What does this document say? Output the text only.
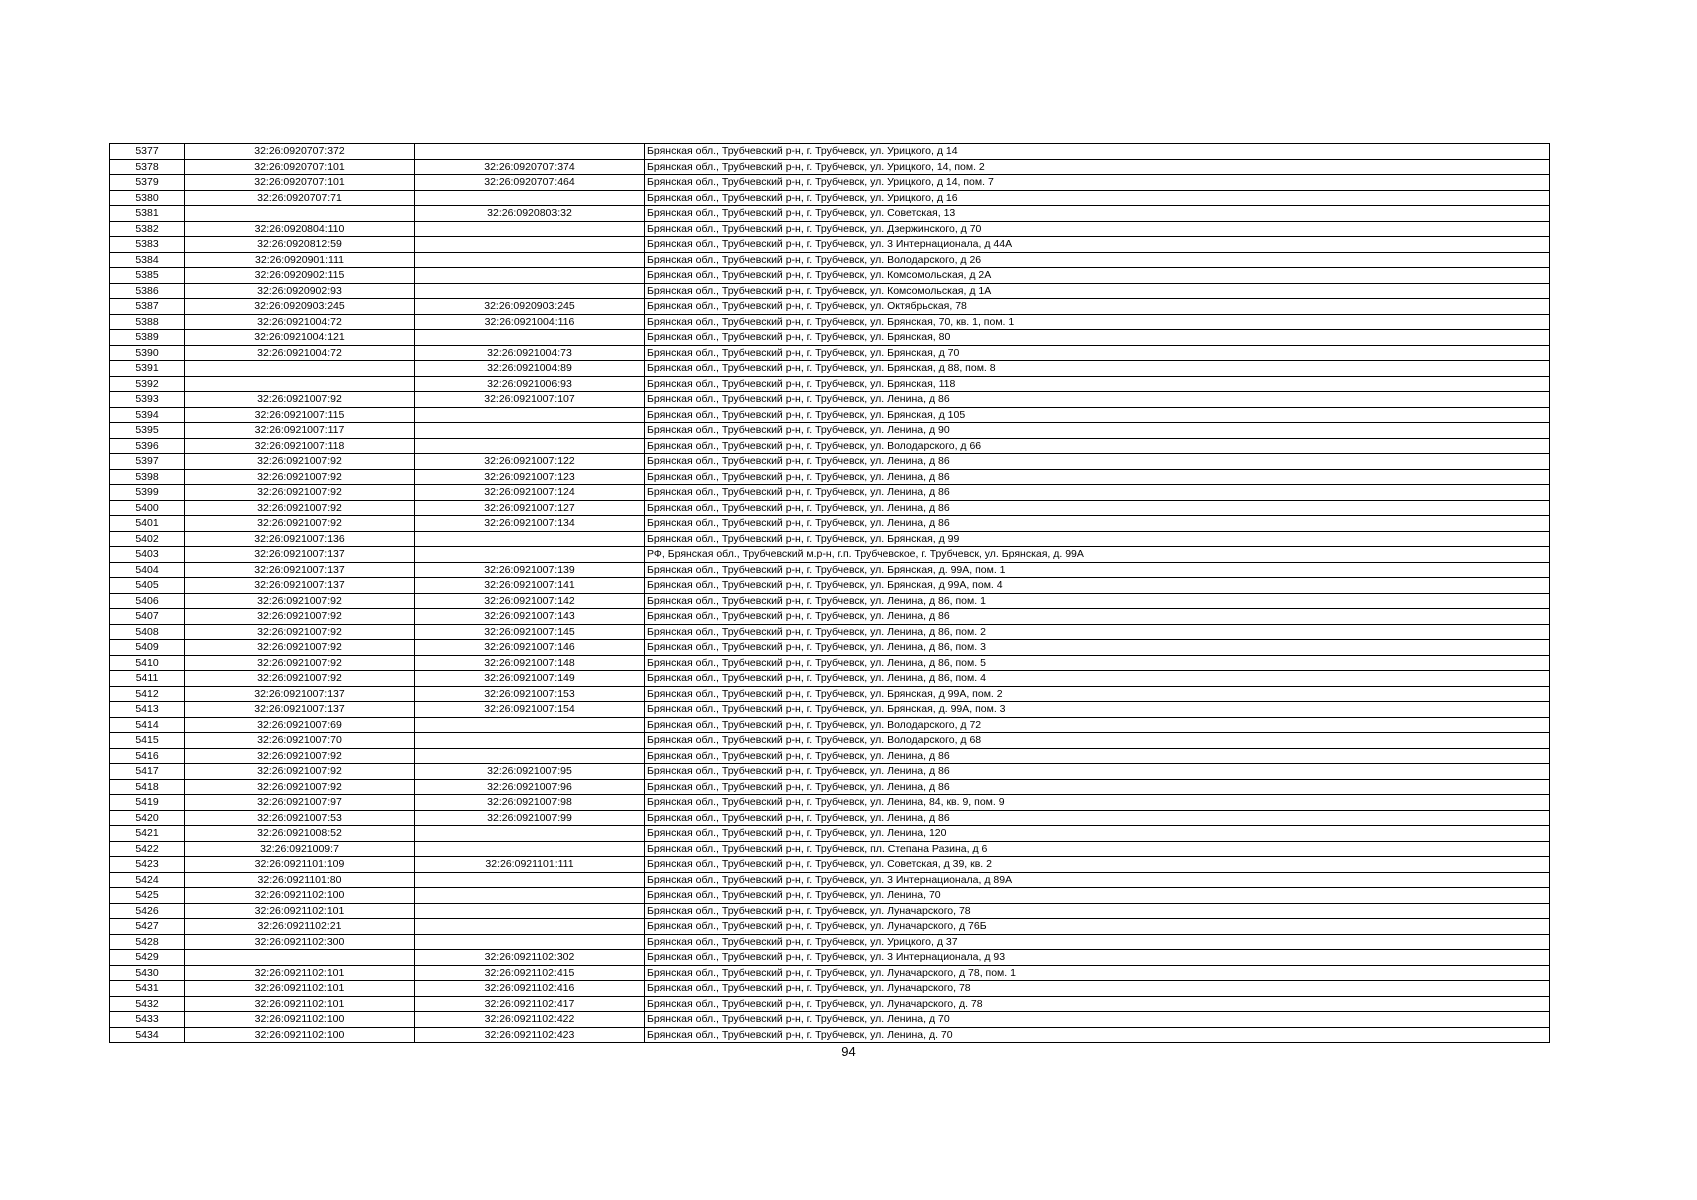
5377	32:26:0920707:372		Брянская обл., Трубчевский р-н, г. Трубчевск, ул. Урицкого, д 14
5378	32:26:0920707:101	32:26:0920707:374	Брянская обл., Трубчевский р-н, г. Трубчевск, ул. Урицкого, 14, пом. 2
5379	32:26:0920707:101	32:26:0920707:464	Брянская обл., Трубчевский р-н, г. Трубчевск, ул. Урицкого, д 14, пом. 7
5380	32:26:0920707:71		Брянская обл., Трубчевский р-н, г. Трубчевск, ул. Урицкого, д 16
5381		32:26:0920803:32	Брянская обл., Трубчевский р-н, г. Трубчевск, ул. Советская, 13
5382	32:26:0920804:110		Брянская обл., Трубчевский р-н, г. Трубчевск, ул. Дзержинского, д 70
5383	32:26:0920812:59		Брянская обл., Трубчевский р-н, г. Трубчевск, ул. 3 Интернационала, д 44А
5384	32:26:0920901:111		Брянская обл., Трубчевский р-н, г. Трубчевск, ул. Володарского, д 26
5385	32:26:0920902:115		Брянская обл., Трубчевский р-н, г. Трубчевск, ул. Комсомольская, д 2А
5386	32:26:0920902:93		Брянская обл., Трубчевский р-н, г. Трубчевск, ул. Комсомольская, д 1А
5387	32:26:0920903:245	32:26:0920903:245	Брянская обл., Трубчевский р-н, г. Трубчевск, ул. Октябрьская, 78
5388	32:26:0921004:72	32:26:0921004:116	Брянская обл., Трубчевский р-н, г. Трубчевск, ул. Брянская, 70, кв. 1, пом. 1
5389	32:26:0921004:121		Брянская обл., Трубчевский р-н, г. Трубчевск, ул. Брянская, 80
5390	32:26:0921004:72	32:26:0921004:73	Брянская обл., Трубчевский р-н, г. Трубчевск, ул. Брянская, д 70
5391		32:26:0921004:89	Брянская обл., Трубчевский р-н, г. Трубчевск, ул. Брянская, д 88, пом. 8
5392		32:26:0921006:93	Брянская обл., Трубчевский р-н, г. Трубчевск, ул. Брянская, 118
5393	32:26:0921007:92	32:26:0921007:107	Брянская обл., Трубчевский р-н, г. Трубчевск, ул. Ленина, д 86
5394	32:26:0921007:115		Брянская обл., Трубчевский р-н, г. Трубчевск, ул. Брянская, д 105
5395	32:26:0921007:117		Брянская обл., Трубчевский р-н, г. Трубчевск, ул. Ленина, д 90
5396	32:26:0921007:118		Брянская обл., Трубчевский р-н, г. Трубчевск, ул. Володарского, д 66
5397	32:26:0921007:92	32:26:0921007:122	Брянская обл., Трубчевский р-н, г. Трубчевск, ул. Ленина, д 86
5398	32:26:0921007:92	32:26:0921007:123	Брянская обл., Трубчевский р-н, г. Трубчевск, ул. Ленина, д 86
5399	32:26:0921007:92	32:26:0921007:124	Брянская обл., Трубчевский р-н, г. Трубчевск, ул. Ленина, д 86
5400	32:26:0921007:92	32:26:0921007:127	Брянская обл., Трубчевский р-н, г. Трубчевск, ул. Ленина, д 86
5401	32:26:0921007:92	32:26:0921007:134	Брянская обл., Трубчевский р-н, г. Трубчевск, ул. Ленина, д 86
5402	32:26:0921007:136		Брянская обл., Трубчевский р-н, г. Трубчевск, ул. Брянская, д 99
5403	32:26:0921007:137		РФ, Брянская обл., Трубчевский м.р-н, г.п. Трубчевское, г. Трубчевск, ул. Брянская, д. 99А
5404	32:26:0921007:137	32:26:0921007:139	Брянская обл., Трубчевский р-н, г. Трубчевск, ул. Брянская, д. 99А, пом. 1
5405	32:26:0921007:137	32:26:0921007:141	Брянская обл., Трубчевский р-н, г. Трубчевск, ул. Брянская, д 99А, пом. 4
5406	32:26:0921007:92	32:26:0921007:142	Брянская обл., Трубчевский р-н, г. Трубчевск, ул. Ленина, д 86, пом. 1
5407	32:26:0921007:92	32:26:0921007:143	Брянская обл., Трубчевский р-н, г. Трубчевск, ул. Ленина, д 86
5408	32:26:0921007:92	32:26:0921007:145	Брянская обл., Трубчевский р-н, г. Трубчевск, ул. Ленина, д 86, пом. 2
5409	32:26:0921007:92	32:26:0921007:146	Брянская обл., Трубчевский р-н, г. Трубчевск, ул. Ленина, д 86, пом. 3
5410	32:26:0921007:92	32:26:0921007:148	Брянская обл., Трубчевский р-н, г. Трубчевск, ул. Ленина, д 86, пом. 5
5411	32:26:0921007:92	32:26:0921007:149	Брянская обл., Трубчевский р-н, г. Трубчевск, ул. Ленина, д 86, пом. 4
5412	32:26:0921007:137	32:26:0921007:153	Брянская обл., Трубчевский р-н, г. Трубчевск, ул. Брянская, д 99А, пом. 2
5413	32:26:0921007:137	32:26:0921007:154	Брянская обл., Трубчевский р-н, г. Трубчевск, ул. Брянская, д. 99А, пом. 3
5414	32:26:0921007:69		Брянская обл., Трубчевский р-н, г. Трубчевск, ул. Володарского, д 72
5415	32:26:0921007:70		Брянская обл., Трубчевский р-н, г. Трубчевск, ул. Володарского, д 68
5416	32:26:0921007:92		Брянская обл., Трубчевский р-н, г. Трубчевск, ул. Ленина, д 86
5417	32:26:0921007:92	32:26:0921007:95	Брянская обл., Трубчевский р-н, г. Трубчевск, ул. Ленина, д 86
5418	32:26:0921007:92	32:26:0921007:96	Брянская обл., Трубчевский р-н, г. Трубчевск, ул. Ленина, д 86
5419	32:26:0921007:97	32:26:0921007:98	Брянская обл., Трубчевский р-н, г. Трубчевск, ул. Ленина, 84, кв. 9, пом. 9
5420	32:26:0921007:53	32:26:0921007:99	Брянская обл., Трубчевский р-н, г. Трубчевск, ул. Ленина, д 86
5421	32:26:0921008:52		Брянская обл., Трубчевский р-н, г. Трубчевск, ул. Ленина, 120
5422	32:26:0921009:7		Брянская обл., Трубчевский р-н, г. Трубчевск, пл. Степана Разина, д 6
5423	32:26:0921101:109	32:26:0921101:111	Брянская обл., Трубчевский р-н, г. Трубчевск, ул. Советская, д 39, кв. 2
5424	32:26:0921101:80		Брянская обл., Трубчевский р-н, г. Трубчевск, ул. 3 Интернационала, д 89А
5425	32:26:0921102:100		Брянская обл., Трубчевский р-н, г. Трубчевск, ул. Ленина, 70
5426	32:26:0921102:101		Брянская обл., Трубчевский р-н, г. Трубчевск, ул. Луначарского, 78
5427	32:26:0921102:21		Брянская обл., Трубчевский р-н, г. Трубчевск, ул. Луначарского, д 76Б
5428	32:26:0921102:300		Брянская обл., Трубчевский р-н, г. Трубчевск, ул. Урицкого, д 37
5429		32:26:0921102:302	Брянская обл., Трубчевский р-н, г. Трубчевск, ул. 3 Интернационала, д 93
5430	32:26:0921102:101	32:26:0921102:415	Брянская обл., Трубчевский р-н, г. Трубчевск, ул. Луначарского, д 78, пом. 1
5431	32:26:0921102:101	32:26:0921102:416	Брянская обл., Трубчевский р-н, г. Трубчевск, ул. Луначарского, 78
5432	32:26:0921102:101	32:26:0921102:417	Брянская обл., Трубчевский р-н, г. Трубчевск, ул. Луначарского, д. 78
5433	32:26:0921102:100	32:26:0921102:422	Брянская обл., Трубчевский р-н, г. Трубчевск, ул. Ленина, д 70
5434	32:26:0921102:100	32:26:0921102:423	Брянская обл., Трубчевский р-н, г. Трубчевск, ул. Ленина, д. 70
94
